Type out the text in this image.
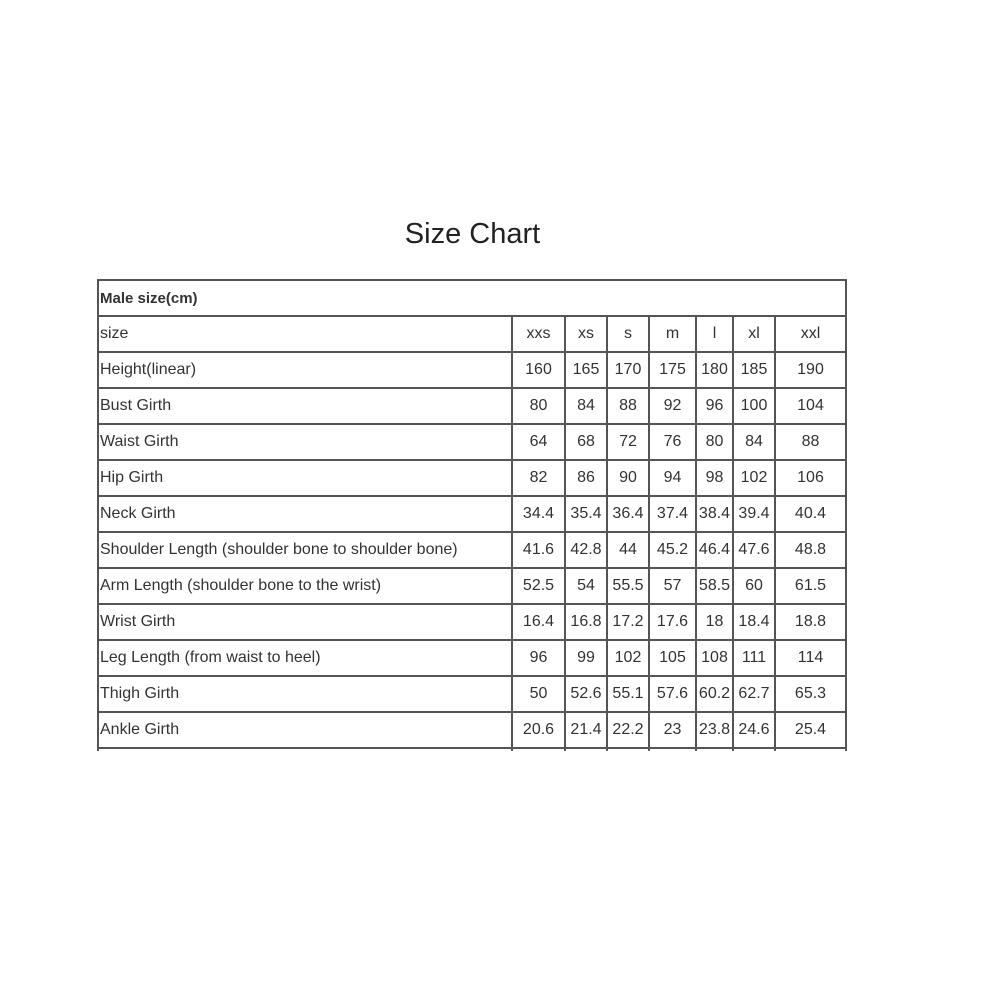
Size Chart
Male size(cm)							
size	xxs	xs	s	m	l	xl	xxl
Height(linear)	160	165	170	175	180	185	190
Bust Girth	80	84	88	92	96	100	104
Waist Girth	64	68	72	76	80	84	88
Hip Girth	82	86	90	94	98	102	106
Neck Girth	34.4	35.4	36.4	37.4	38.4	39.4	40.4
Shoulder Length (shoulder bone to shoulder bone)	41.6	42.8	44	45.2	46.4	47.6	48.8
Arm Length (shoulder bone to the wrist)	52.5	54	55.5	57	58.5	60	61.5
Wrist Girth	16.4	16.8	17.2	17.6	18	18.4	18.8
Leg Length (from waist to heel)	96	99	102	105	108	111	114
Thigh Girth	50	52.6	55.1	57.6	60.2	62.7	65.3
Ankle Girth	20.6	21.4	22.2	23	23.8	24.6	25.4
